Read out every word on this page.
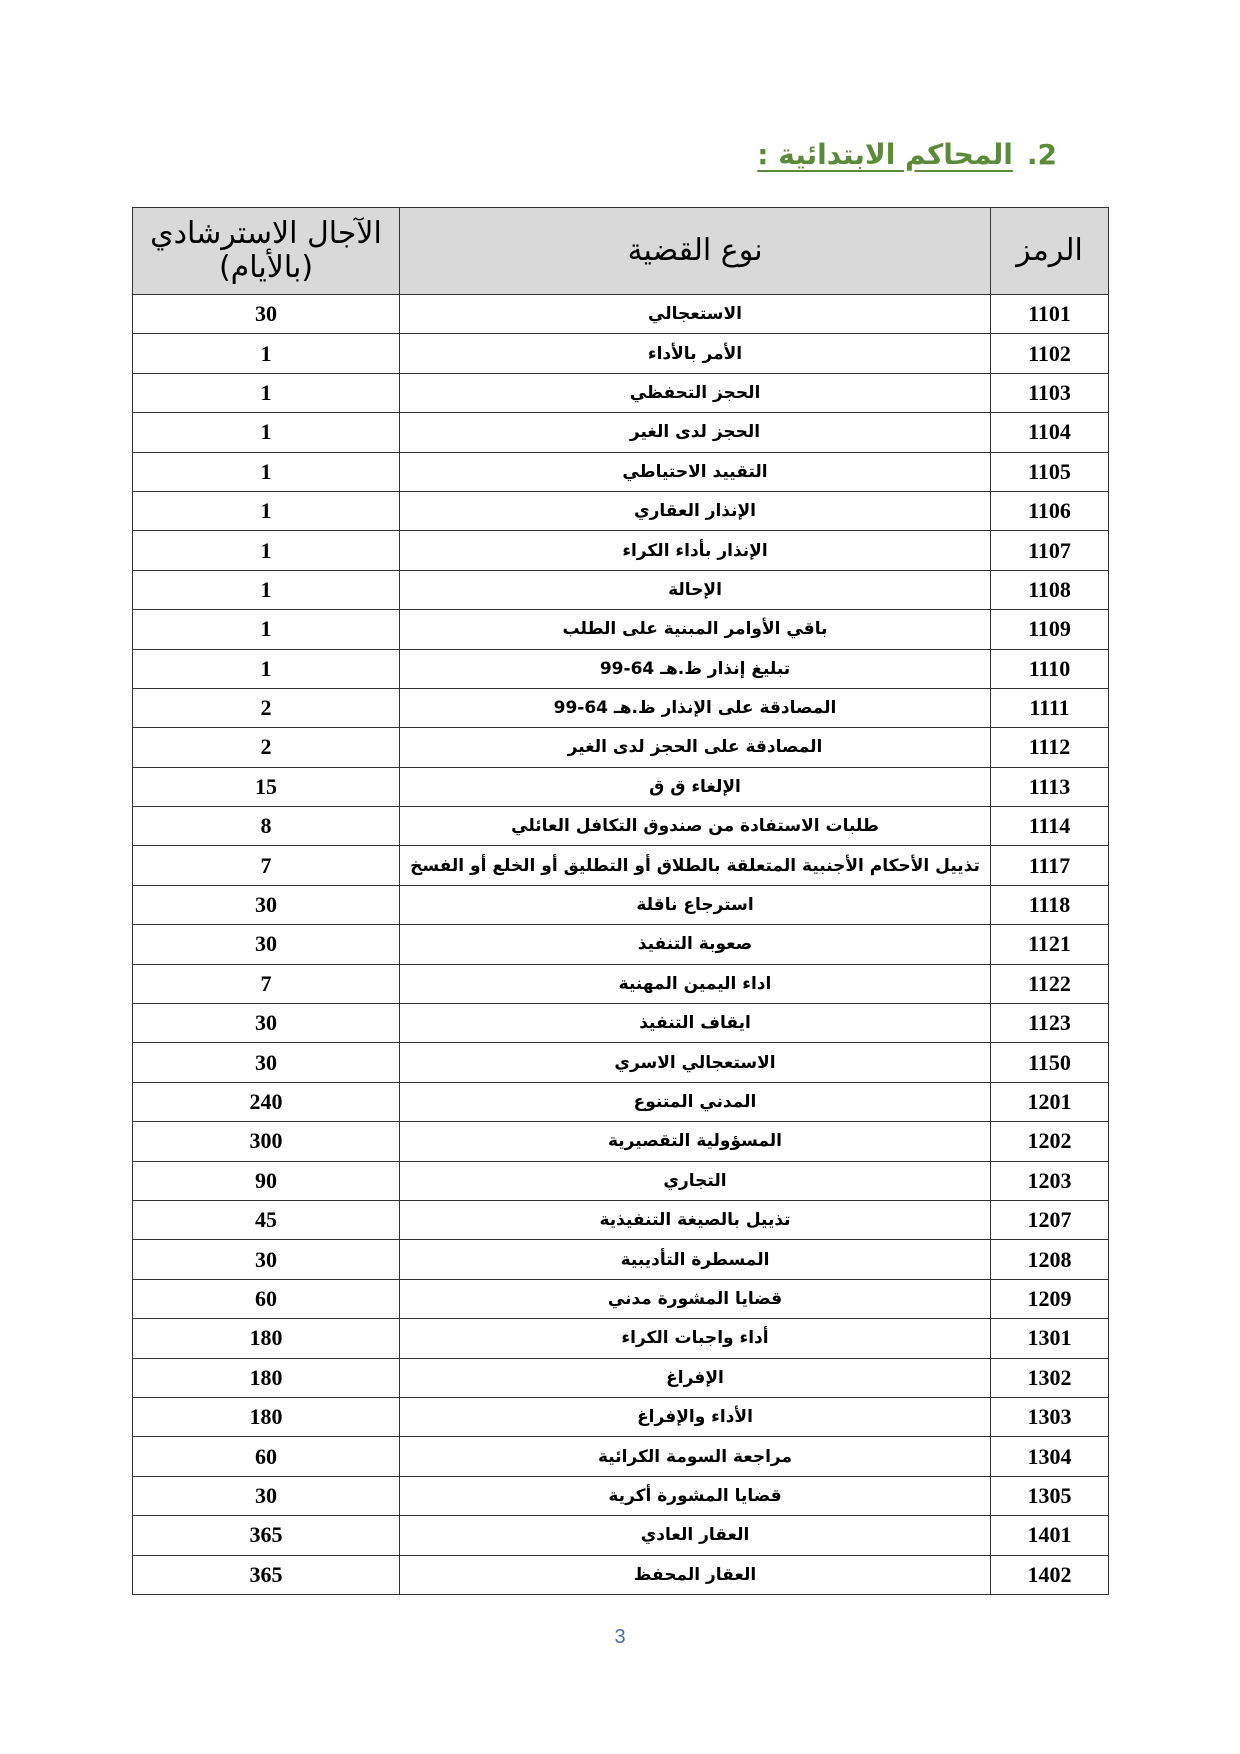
2.المحاكم الابتدائية :
الرمز	نوع القضية	الآجال الاسترشادي
(بالأيام)
1101	الاستعجالي	30
1102	الأمر بالأداء	1
1103	الحجز التحفظي	1
1104	الحجز لدى الغير	1
1105	التقييد الاحتياطي	1
1106	الإنذار العقاري	1
1107	الإنذار بأداء الكراء	1
1108	الإحالة	1
1109	باقي الأوامر المبنية على الطلب	1
1110	تبليغ إنذار ظ.هـ 64-99	1
1111	المصادقة على الإنذار ظ.هـ 64-99	2
1112	المصادقة على الحجز لدى الغير	2
1113	الإلغاء ق ق	15
1114	طلبات الاستفادة من صندوق التكافل العائلي	8
1117	تذييل الأحكام الأجنبية المتعلقة بالطلاق أو التطليق أو الخلع أو الفسخ	7
1118	استرجاع ناقلة	30
1121	صعوبة التنفيذ	30
1122	اداء اليمين المهنية	7
1123	ايقاف التنفيذ	30
1150	الاستعجالي الاسري	30
1201	المدني المتنوع	240
1202	المسؤولية التقصيرية	300
1203	التجاري	90
1207	تذييل بالصيغة التنفيذية	45
1208	المسطرة التأديبية	30
1209	قضايا المشورة مدني	60
1301	أداء واجبات الكراء	180
1302	الإفراغ	180
1303	الأداء والإفراغ	180
1304	مراجعة السومة الكرائية	60
1305	قضايا المشورة أكرية	30
1401	العقار العادي	365
1402	العقار المحفظ	365
3
